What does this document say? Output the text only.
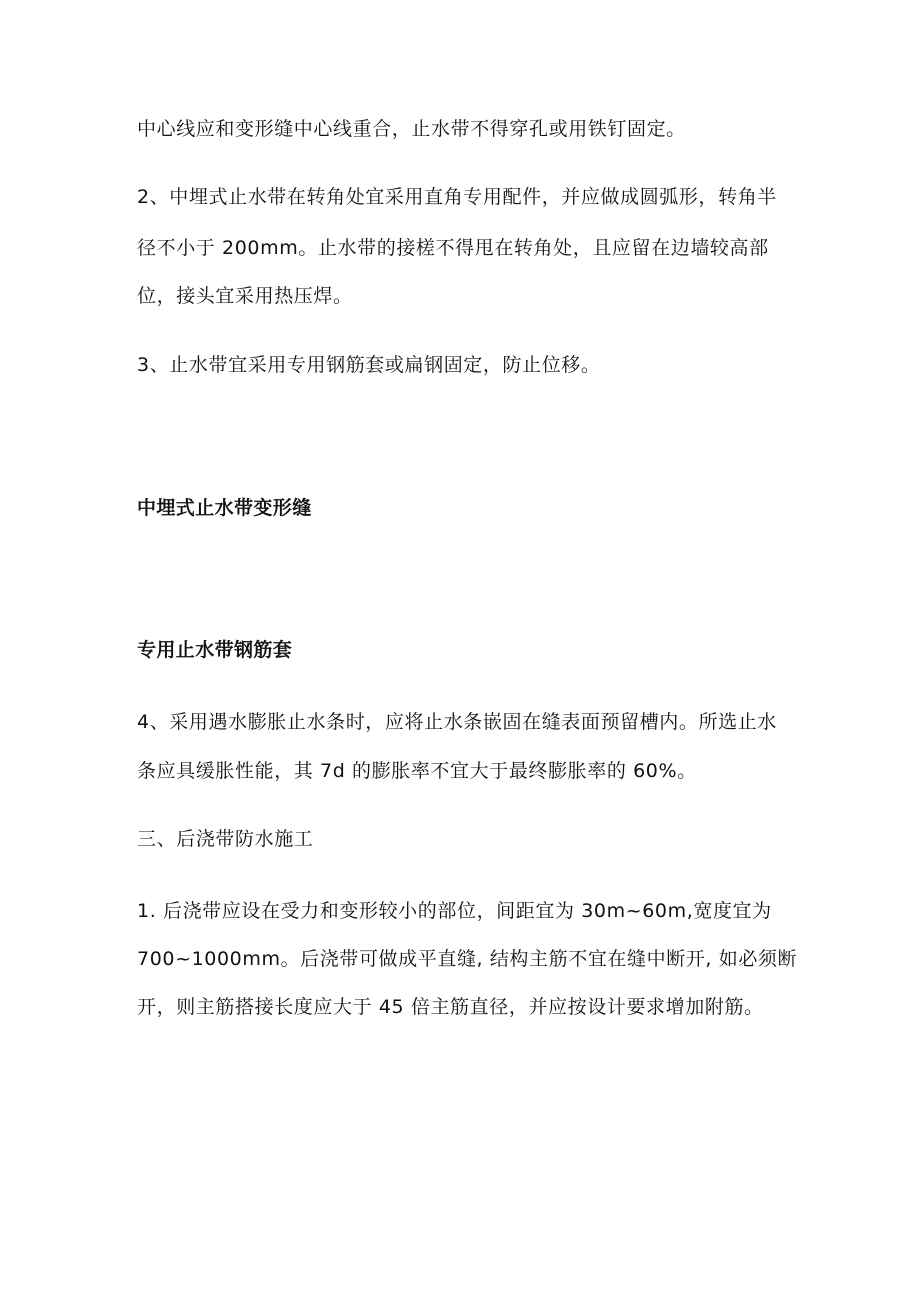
中心线应和变形缝中心线重合，止水带不得穿孔或用铁钉固定。
2、中埋式止水带在转角处宜采用直角专用配件，并应做成圆弧形，转角半
径不小于 200mm。止水带的接槎不得甩在转角处，且应留在边墙较高部
位，接头宜采用热压焊。
3、止水带宜采用专用钢筋套或扁钢固定，防止位移。
中埋式止水带变形缝
专用止水带钢筋套
4、采用遇水膨胀止水条时，应将止水条嵌固在缝表面预留槽内。所选止水
条应具缓胀性能，其 7d 的膨胀率不宜大于最终膨胀率的 60%。
三、后浇带防水施工
1. 后浇带应设在受力和变形较小的部位，间距宜为 30m~60m,宽度宜为
700~1000mm。后浇带可做成平直缝, 结构主筋不宜在缝中断开, 如必须断
开，则主筋搭接长度应大于 45 倍主筋直径，并应按设计要求增加附筋。
